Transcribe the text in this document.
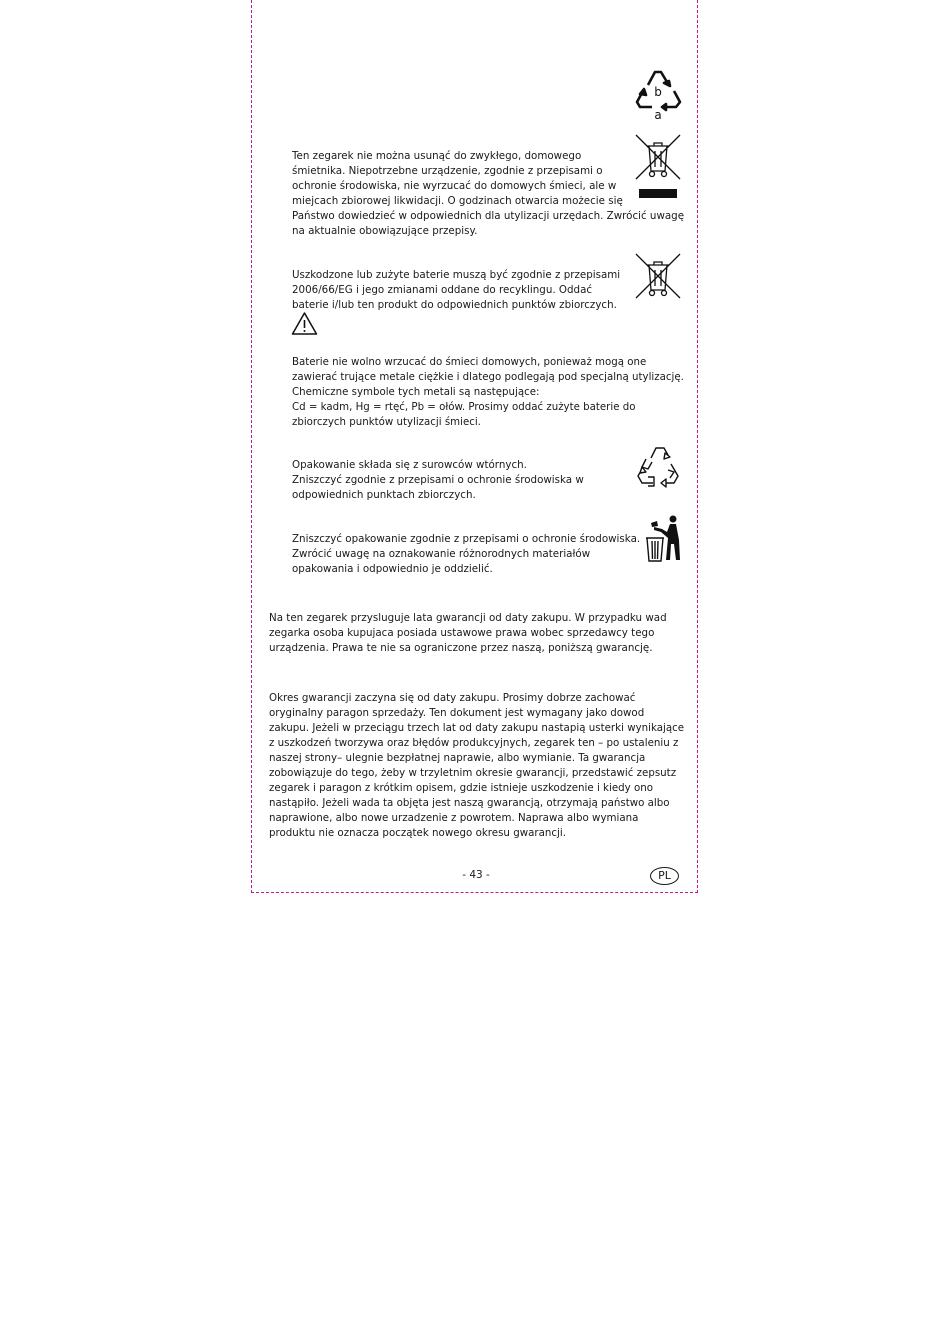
b
a

Ten zegarek nie można usunąć do zwykłego, domowego
śmietnika. Niepotrzebne urządzenie, zgodnie z przepisami o
ochronie środowiska, nie wyrzucać do domowych śmieci, ale w
miejcach zbiorowej likwidacji. O godzinach otwarcia możecie się
Państwo dowiedzieć w odpowiednich dla utylizacji urzędach. Zwrócić uwagę
na aktualnie obowiązujące przepisy.

Uszkodzone lub zużyte baterie muszą być zgodnie z przepisami
2006/66/EG i jego zmianami oddane do recyklingu. Oddać
baterie i/lub ten produkt do odpowiednich punktów zbiorczych.

Baterie nie wolno wrzucać do śmieci domowych, ponieważ mogą one
zawierać trujące metale ciężkie i dlatego podlegają pod specjalną utylizację.
Chemiczne symbole tych metali są następujące:
Cd = kadm, Hg = rtęć, Pb = ołów. Prosimy oddać zużyte baterie do
zbiorczych punktów utylizacji śmieci.

Opakowanie składa się z surowców wtórnych.
Zniszczyć zgodnie z przepisami o ochronie środowiska w
odpowiednich punktach zbiorczych.

Zniszczyć opakowanie zgodnie z przepisami o ochronie środowiska.
Zwrócić uwagę na oznakowanie różnorodnych materiałów
opakowania i odpowiednio je oddzielić.

Na ten zegarek przysluguje lata gwarancji od daty zakupu. W przypadku wad
zegarka osoba kupujaca posiada ustawowe prawa wobec sprzedawcy tego
urządzenia. Prawa te nie sa ograniczone przez naszą, poniższą gwarancję.

Okres gwarancji zaczyna się od daty zakupu. Prosimy dobrze zachować
oryginalny paragon sprzedaży. Ten dokument jest wymagany jako dowod
zakupu. Jeżeli w przeciągu trzech lat od daty zakupu nastapią usterki wynikające
z uszkodzeń tworzywa oraz błędów produkcyjnych, zegarek ten – po ustaleniu z
naszej strony– ulegnie bezpłatnej naprawie, albo wymianie. Ta gwarancja
zobowiązuje do tego, żeby w trzyletnim okresie gwarancji, przedstawić zepsutz
zegarek i paragon z krótkim opisem, gdzie istnieje uszkodzenie i kiedy ono
nastąpiło. Jeżeli wada ta objęta jest naszą gwarancją, otrzymają państwo albo
naprawione, albo nowe urzadzenie z powrotem. Naprawa albo wymiana
produktu nie oznacza początek nowego okresu gwarancji.

- 43 -	PL
